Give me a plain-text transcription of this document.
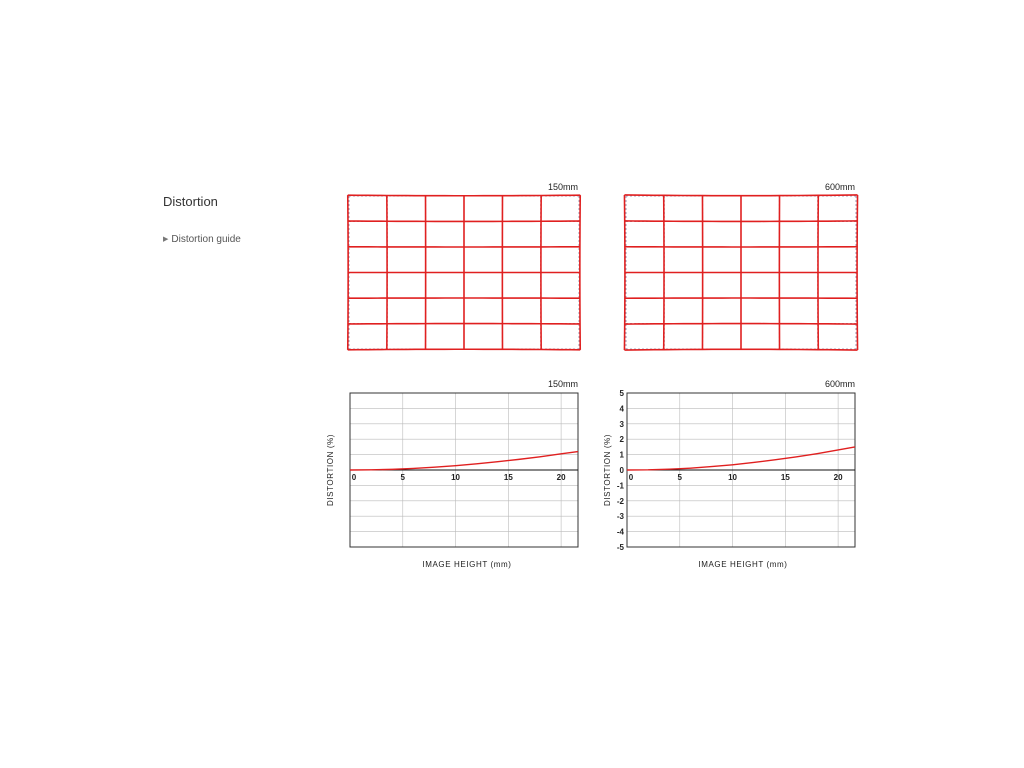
Distortion
▶ Distortion guide
150mm	600mm
150mm
0	5	10	15	20
IMAGE HEIGHT (mm)
DISTORTION (%)
600mm
0	5	10	15	20
5
4
3
2
1
0
-1
-2
-3
-4
-5
IMAGE HEIGHT (mm)
DISTORTION (%)
